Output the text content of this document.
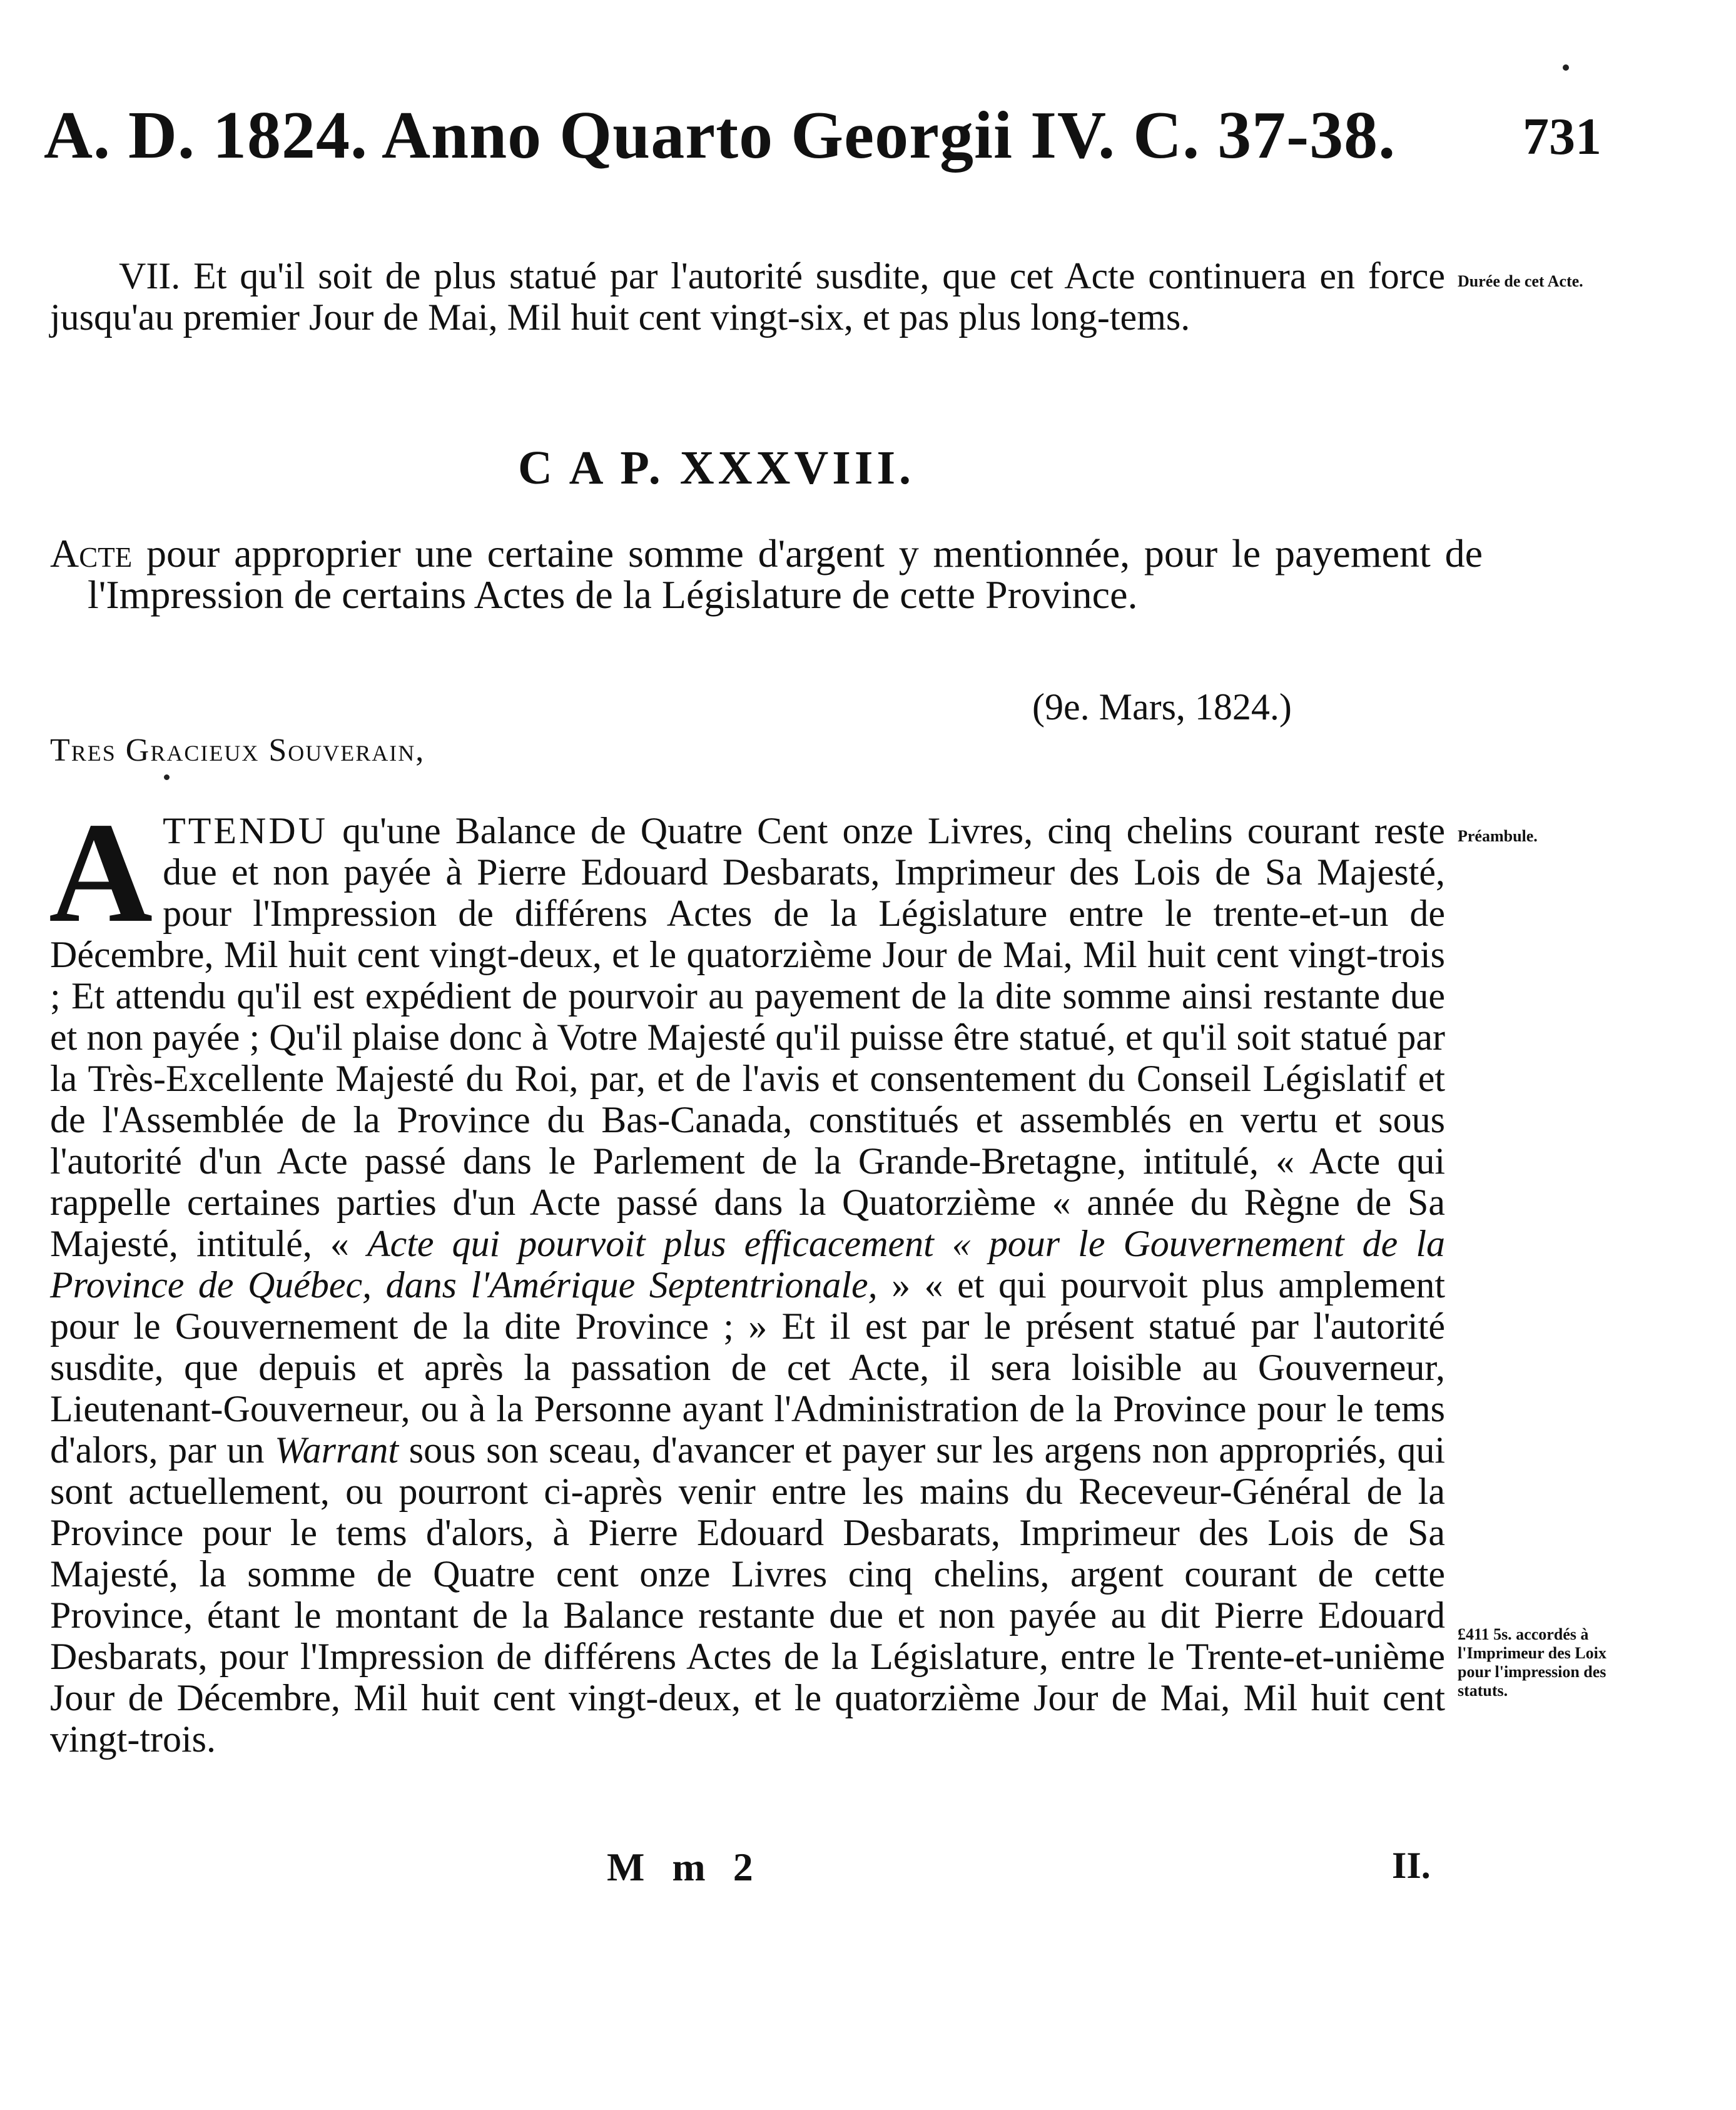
A. D. 1824. Anno Quarto Georgii IV. C. 37-38. 731
VII. Et qu'il soit de plus statué par l'autorité susdite, que cet Acte continuera en force jusqu'au premier Jour de Mai, Mil huit cent vingt-six, et pas plus long-tems.
C A P. XXXVIII.
Acte pour approprier une certaine somme d'argent y mentionnée, pour le payement de l'Impression de certains Actes de la Législature de cette Province.
(9e. Mars, 1824.)
Tres Gracieux Souverain,
A TTENDU qu'une Balance de Quatre Cent onze Livres, cinq chelins courant reste due et non payée à Pierre Edouard Desbarats, Imprimeur des Lois de Sa Majesté, pour l'Impression de différens Actes de la Législature entre le trente-et-un de Décembre, Mil huit cent vingt-deux, et le quatorzième Jour de Mai, Mil huit cent vingt-trois ; Et attendu qu'il est expédient de pourvoir au payement de la dite somme ainsi restante due et non payée ; Qu'il plaise donc à Votre Majesté qu'il puisse être statué, et qu'il soit statué par la Très-Excellente Majesté du Roi, par, et de l'avis et consentement du Conseil Législatif et de l'Assemblée de la Province du Bas-Canada, constitués et assemblés en vertu et sous l'autorité d'un Acte passé dans le Parlement de la Grande-Bretagne, intitulé, « Acte qui rappelle certaines parties d'un Acte passé dans la Quatorzième « année du Règne de Sa Majesté, intitulé, « Acte qui pourvoit plus efficacement « pour le Gouvernement de la Province de Québec, dans l'Amérique Septentrionale, » « et qui pourvoit plus amplement pour le Gouvernement de la dite Province ; » Et il est par le présent statué par l'autorité susdite, que depuis et après la passation de cet Acte, il sera loisible au Gouverneur, Lieutenant-Gouverneur, ou à la Personne ayant l'Administration de la Province pour le tems d'alors, par un Warrant sous son sceau, d'avancer et payer sur les argens non appropriés, qui sont actuellement, ou pourront ci-après venir entre les mains du Receveur-Général de la Province pour le tems d'alors, à Pierre Edouard Desbarats, Imprimeur des Lois de Sa Majesté, la somme de Quatre cent onze Livres cinq chelins, argent courant de cette Province, étant le montant de la Balance restante due et non payée au dit Pierre Edouard Desbarats, pour l'Impression de différens Actes de la Législature, entre le Trente-et-unième Jour de Décembre, Mil huit cent vingt-deux, et le quatorzième Jour de Mai, Mil huit cent vingt-trois.

M m 2	II.
Durée de cet Acte.
Préambule.
£411 5s. accordés à l'Imprimeur des Loix pour l'impression des statuts.
